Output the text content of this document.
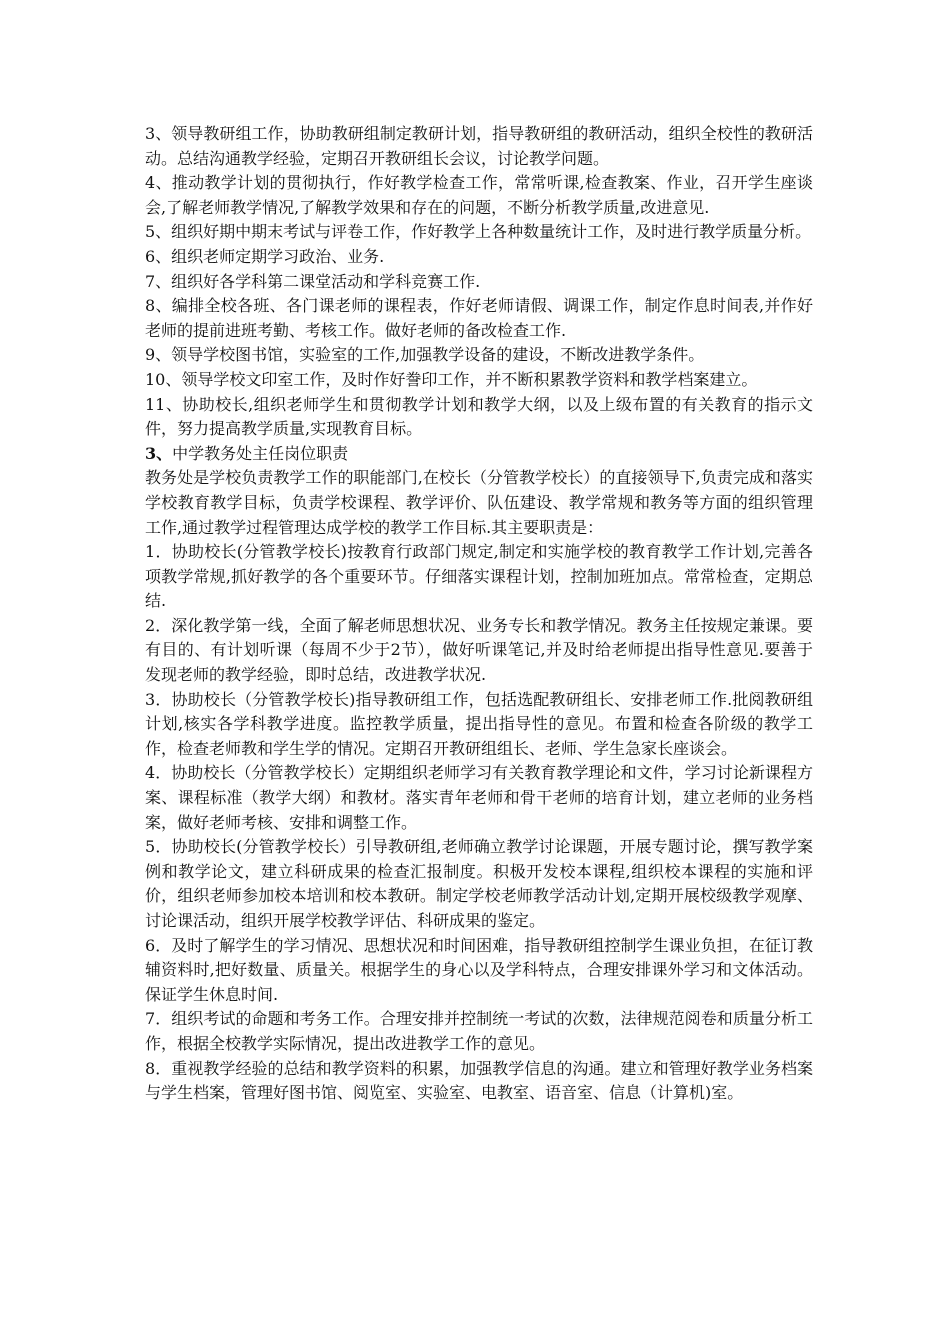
3、领导教研组工作，协助教研组制定教研计划，指导教研组的教研活动，组织全校性的教研活动。总结沟通教学经验，定期召开教研组长会议，讨论教学问题。

4、推动教学计划的贯彻执行，作好教学检查工作，常常听课,检查教案、作业，召开学生座谈会,了解老师教学情况,了解教学效果和存在的问题，不断分析教学质量,改进意见.

5、组织好期中期末考试与评卷工作，作好教学上各种数量统计工作，及时进行教学质量分析。

6、组织老师定期学习政治、业务.

7、组织好各学科第二课堂活动和学科竞赛工作.

8、编排全校各班、各门课老师的课程表，作好老师请假、调课工作，制定作息时间表,并作好老师的提前进班考勤、考核工作。做好老师的备改检查工作.

9、领导学校图书馆，实验室的工作,加强教学设备的建设，不断改进教学条件。

10、领导学校文印室工作，及时作好誊印工作，并不断积累教学资料和教学档案建立。

11、协助校长,组织老师学生和贯彻教学计划和教学大纲，以及上级布置的有关教育的指示文件，努力提高教学质量,实现教育目标。

3、中学教务处主任岗位职责

教务处是学校负责教学工作的职能部门,在校长（分管教学校长）的直接领导下,负责完成和落实学校教育教学目标，负责学校课程、教学评价、队伍建设、教学常规和教务等方面的组织管理工作,通过教学过程管理达成学校的教学工作目标.其主要职责是：

1．协助校长(分管教学校长)按教育行政部门规定,制定和实施学校的教育教学工作计划,完善各项教学常规,抓好教学的各个重要环节。仔细落实课程计划，控制加班加点。常常检查，定期总结.

2．深化教学第一线，全面了解老师思想状况、业务专长和教学情况。教务主任按规定兼课。要有目的、有计划听课（每周不少于2节），做好听课笔记,并及时给老师提出指导性意见.要善于发现老师的教学经验，即时总结，改进教学状况.

3．协助校长（分管教学校长)指导教研组工作，包括选配教研组长、安排老师工作.批阅教研组计划,核实各学科教学进度。监控教学质量，提出指导性的意见。布置和检查各阶级的教学工作，检查老师教和学生学的情况。定期召开教研组组长、老师、学生急家长座谈会。

4．协助校长（分管教学校长）定期组织老师学习有关教育教学理论和文件，学习讨论新课程方案、课程标准（教学大纲）和教材。落实青年老师和骨干老师的培育计划，建立老师的业务档案，做好老师考核、安排和调整工作。

5．协助校长(分管教学校长）引导教研组,老师确立教学讨论课题，开展专题讨论，撰写教学案例和教学论文，建立科研成果的检查汇报制度。积极开发校本课程,组织校本课程的实施和评价，组织老师参加校本培训和校本教研。制定学校老师教学活动计划,定期开展校级教学观摩、讨论课活动，组织开展学校教学评估、科研成果的鉴定。

6．及时了解学生的学习情况、思想状况和时间困难，指导教研组控制学生课业负担，在征订教辅资料时,把好数量、质量关。根据学生的身心以及学科特点，合理安排课外学习和文体活动。保证学生休息时间.

7．组织考试的命题和考务工作。合理安排并控制统一考试的次数，法律规范阅卷和质量分析工作，根据全校教学实际情况，提出改进教学工作的意见。

8．重视教学经验的总结和教学资料的积累，加强教学信息的沟通。建立和管理好教学业务档案与学生档案，管理好图书馆、阅览室、实验室、电教室、语音室、信息（计算机)室。
